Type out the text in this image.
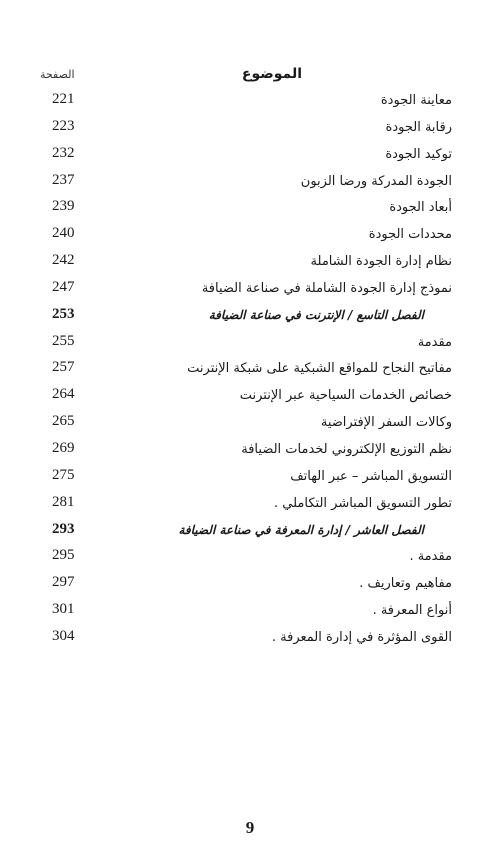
الموضوع
الصفحة
معاينة الجودة
221
رقابة الجودة
223
توكيد الجودة
232
الجودة المدركة ورضا الزبون
237
أبعاد الجودة
239
محددات الجودة
240
نظام إدارة الجودة الشاملة
242
نموذج إدارة الجودة الشاملة في صناعة الضيافة
247
الفصل التاسع / الإنترنت في صناعة الضيافة
253
مقدمة
255
مفاتيح النجاح للمواقع الشبكية على شبكة الإنترنت
257
خصائص الخدمات السياحية عبر الإنترنت
264
وكالات السفر الإفتراضية
265
نظم التوزيع الإلكتروني لخدمات الضيافة
269
التسويق المباشر – عبر الهاتف
275
تطور التسويق المباشر التكاملي .
281
الفصل العاشر / إدارة المعرفة في صناعة الضيافة
293
مقدمة .
295
مفاهيم وتعاريف .
297
أنواع المعرفة .
301
القوى المؤثرة في إدارة المعرفة .
304
9
